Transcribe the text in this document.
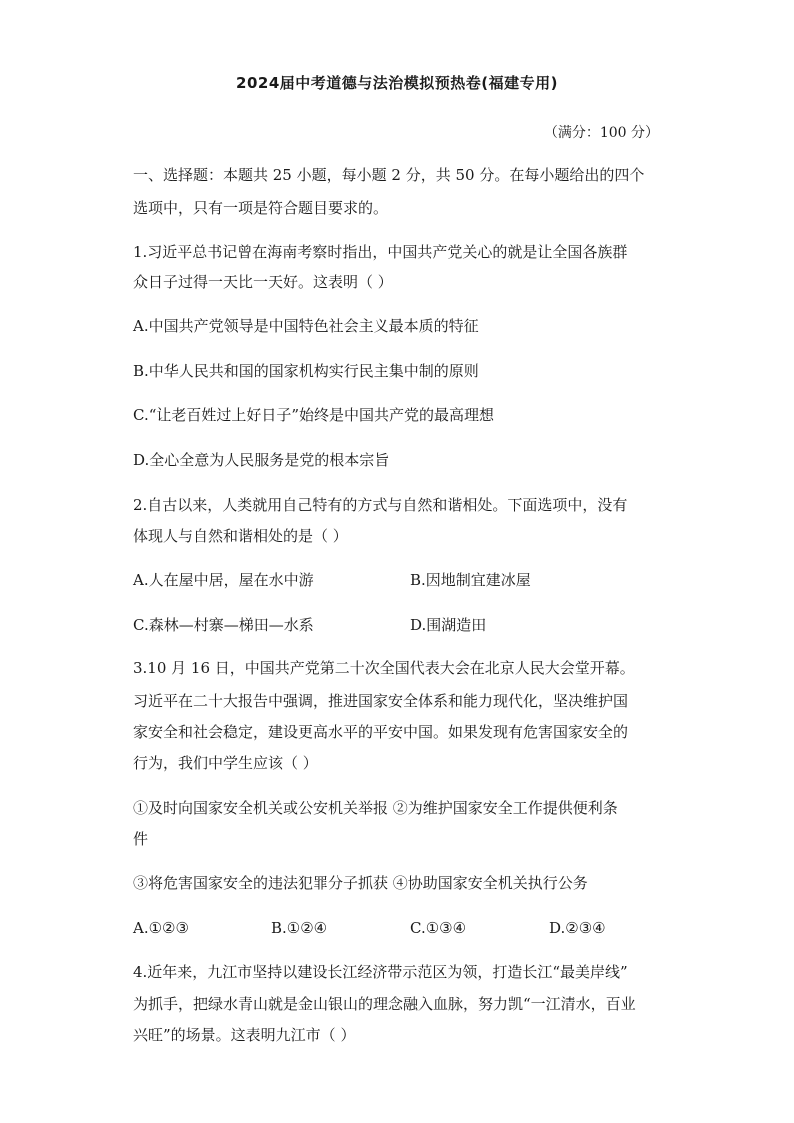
2024届中考道德与法治模拟预热卷(福建专用)
（满分：100 分）
一、选择题：本题共 25 小题，每小题 2 分，共 50 分。在每小题给出的四个
选项中，只有一项是符合题目要求的。
1.习近平总书记曾在海南考察时指出，中国共产党关心的就是让全国各族群
众日子过得一天比一天好。这表明（ ）
A.中国共产党领导是中国特色社会主义最本质的特征
B.中华人民共和国的国家机构实行民主集中制的原则
C.“让老百姓过上好日子”始终是中国共产党的最高理想
D.全心全意为人民服务是党的根本宗旨
2.自古以来，人类就用自己特有的方式与自然和谐相处。下面选项中，没有
体现人与自然和谐相处的是（ ）
A.人在屋中居，屋在水中游	B.因地制宜建冰屋
C.森林—村寨—梯田—水系	D.围湖造田
3.10 月 16 日，中国共产党第二十次全国代表大会在北京人民大会堂开幕。
习近平在二十大报告中强调，推进国家安全体系和能力现代化，坚决维护国
家安全和社会稳定，建设更高水平的平安中国。如果发现有危害国家安全的
行为，我们中学生应该（ ）
①及时向国家安全机关或公安机关举报 ②为维护国家安全工作提供便利条
件
③将危害国家安全的违法犯罪分子抓获 ④协助国家安全机关执行公务
A.①②③	B.①②④	C.①③④	D.②③④
4.近年来，九江市坚持以建设长江经济带示范区为领，打造长江“最美岸线”
为抓手，把绿水青山就是金山银山的理念融入血脉，努力凯“一江清水，百业
兴旺”的场景。这表明九江市（ ）
